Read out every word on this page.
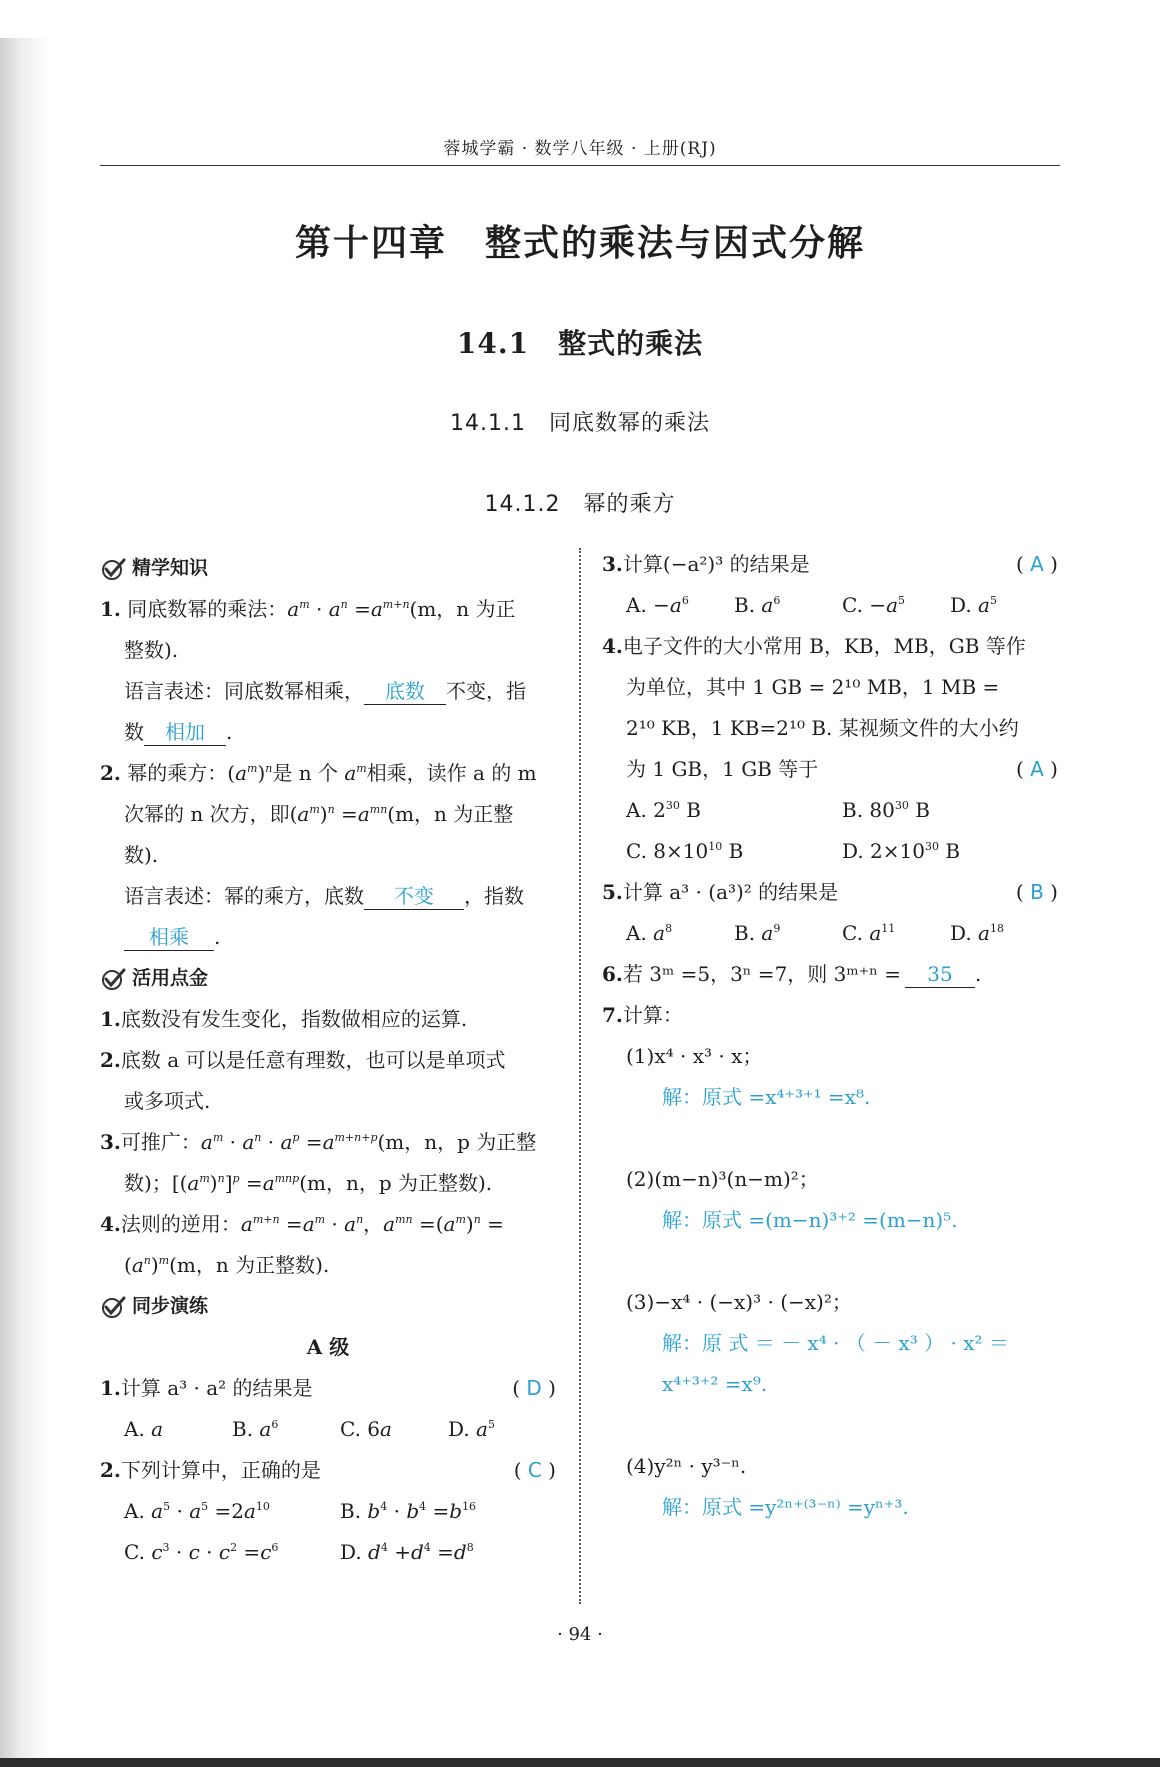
蓉城学霸 · 数学八年级 · 上册(RJ)
第十四章　整式的乘法与因式分解
14.1　整式的乘法
14.1.1　同底数幂的乘法
14.1.2　幂的乘方
精学知识
1. 同底数幂的乘法：$a^m \cdot a^n =a^{m+n}(m$，n 为正
整数).
语言表述：同底数幂相乘， 底数 不变，指
数 相加 .
2. 幂的乘方：$(a^m)^n$是 n 个 $a^m$相乘，读作 a 的 m
次幂的 n 次方，即$(a^m)^n =a^{mn}(m$，n 为正整
数).
语言表述：幂的乘方，底数 不变 ，指数
相乘 .
活用点金
1.底数没有发生变化，指数做相应的运算.
2.底数 a 可以是任意有理数，也可以是单项式
或多项式.
3.可推广：$a^m \cdot a^n \cdot a^p =a^{m+n+p}(m$，n，p 为正整
数)；$[(a^m)^n]^p =a^{mnp}(m$，n，p 为正整数).
4.法则的逆用：$a^{m+n} =a^m \cdot a^n$，$a^{mn} =(a^m)^n$ =
$(a^n)^m(m$，n 为正整数).
同步演练
A 级
1.计算 a³ · a² 的结果是	( D )
A. a	B. $a^6$	C. 6a	D. $a^5$
2.下列计算中，正确的是	( C )
A. $a^5 \cdot a^5 =2a^{10}$	B. $b^4 \cdot b^4 =b^{16}$
C. $c^3 \cdot c \cdot c^2 =c^6$	D. $d^4 +d^4 =d^8$
3.计算(−a²)³ 的结果是	( A )
A. $-a^6$	B. $a^6$	C. $-a^5$	D. $a^5$
4.电子文件的大小常用 B，KB，MB，GB 等作
为单位，其中 1 GB = 2¹⁰ MB，1 MB =
2¹⁰ KB，1 KB=2¹⁰ B. 某视频文件的大小约
为 1 GB，1 GB 等于	( A )
A. $2^{30}$ B	B. $80^{30}$ B
C. $8\times 10^{10}$ B	D. $2\times 10^{30}$ B
5.计算 a³ · (a³)² 的结果是	( B )
A. $a^8$	B. $a^9$	C. $a^{11}$	D. $a^{18}$
6.若 3ᵐ =5，3ⁿ =7，则 3ᵐ⁺ⁿ = 35 .
7.计算：
(1)x⁴ · x³ · x；
解：原式 =x⁴⁺³⁺¹ =x⁸.
(2)(m−n)³(n−m)²；
解：原式 =(m−n)³⁺² =(m−n)⁵.
(3)−x⁴ · (−x)³ · (−x)²；
解：原 式 ＝ － x⁴ · （ － x³ ） · x² ＝
x⁴⁺³⁺² =x⁹.
(4)y²ⁿ · y³⁻ⁿ.
解：原式 =y²ⁿ⁺⁽³⁻ⁿ⁾ =yⁿ⁺³.
· 94 ·
